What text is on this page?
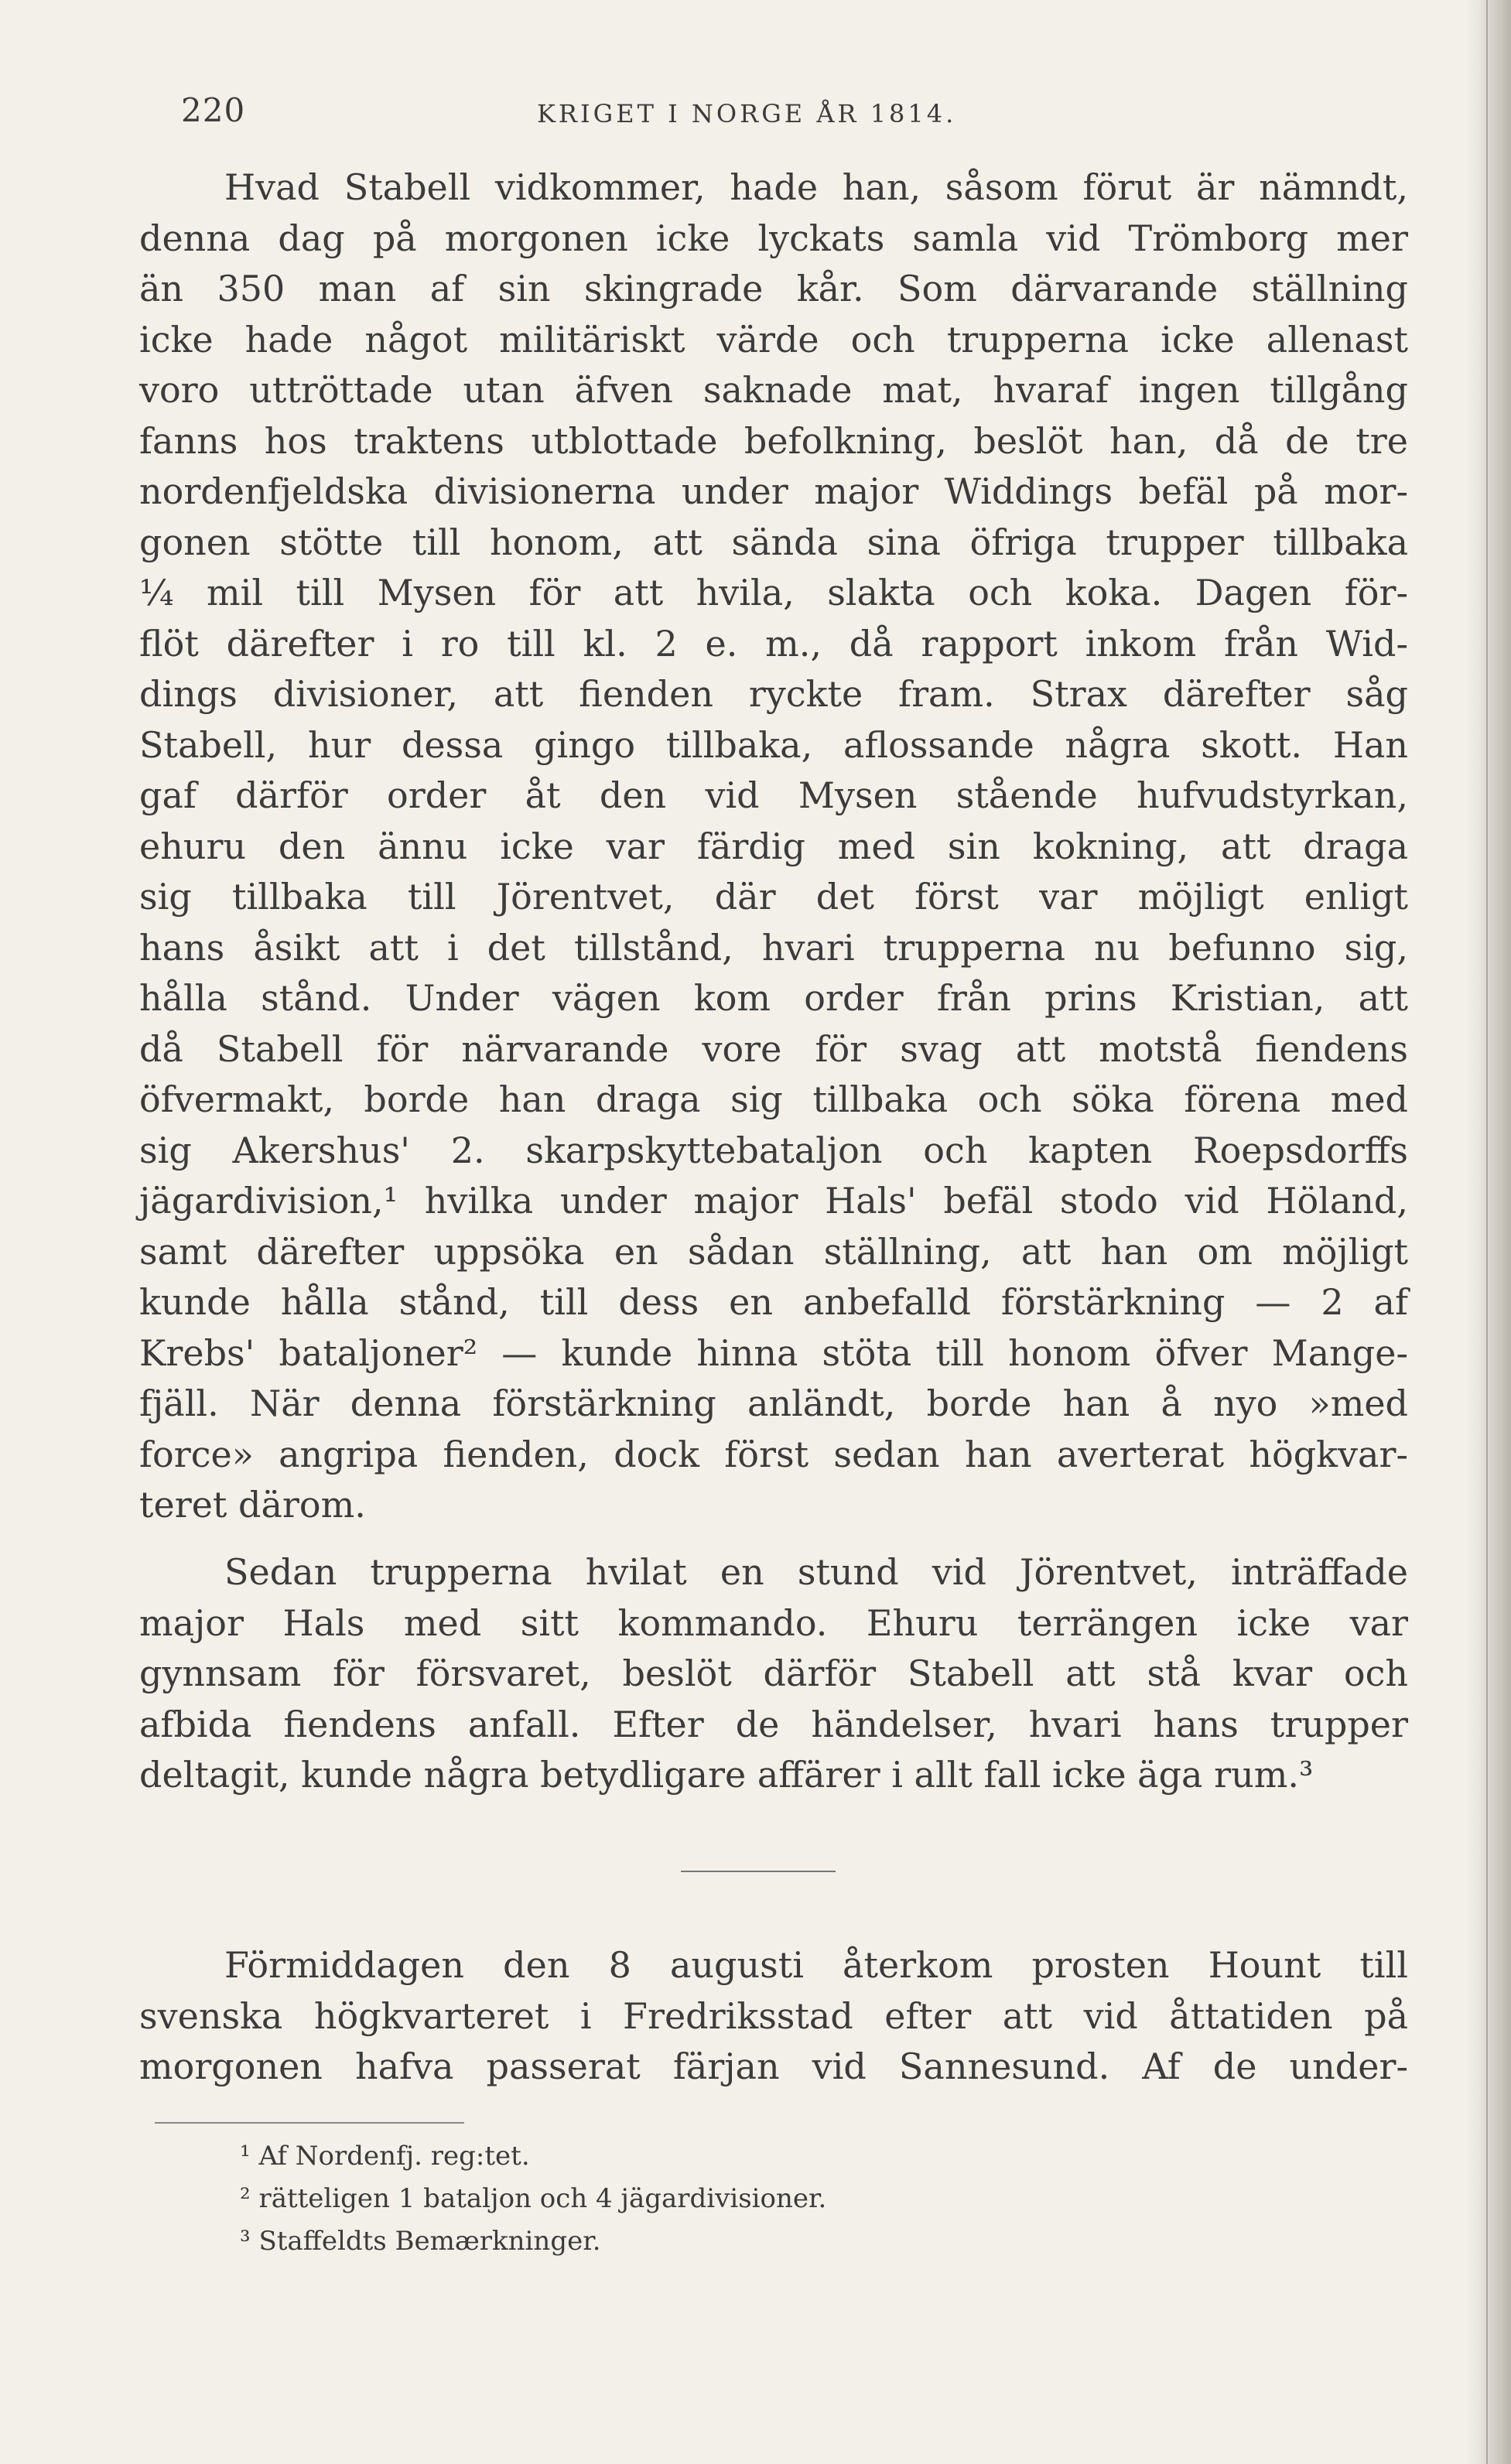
220	KRIGET I NORGE ÅR 1814.
Hvad Stabell vidkommer, hade han, såsom förut är nämndt,
denna dag på morgonen icke lyckats samla vid Trömborg mer
än 350 man af sin skingrade kår. Som därvarande ställning
icke hade något militäriskt värde och trupperna icke allenast
voro uttröttade utan äfven saknade mat, hvaraf ingen tillgång
fanns hos traktens utblottade befolkning, beslöt han, då de tre
nordenfjeldska divisionerna under major Widdings befäl på mor-
gonen stötte till honom, att sända sina öfriga trupper tillbaka
¼ mil till Mysen för att hvila, slakta och koka. Dagen för-
flöt därefter i ro till kl. 2 e. m., då rapport inkom från Wid-
dings divisioner, att fienden ryckte fram. Strax därefter såg
Stabell, hur dessa gingo tillbaka, aflossande några skott. Han
gaf därför order åt den vid Mysen stående hufvudstyrkan,
ehuru den ännu icke var färdig med sin kokning, att draga
sig tillbaka till Jörentvet, där det först var möjligt enligt
hans åsikt att i det tillstånd, hvari trupperna nu befunno sig,
hålla stånd. Under vägen kom order från prins Kristian, att
då Stabell för närvarande vore för svag att motstå fiendens
öfvermakt, borde han draga sig tillbaka och söka förena med
sig Akershus' 2. skarpskyttebataljon och kapten Roepsdorffs
jägardivision,¹ hvilka under major Hals' befäl stodo vid Höland,
samt därefter uppsöka en sådan ställning, att han om möjligt
kunde hålla stånd, till dess en anbefalld förstärkning — 2 af
Krebs' bataljoner² — kunde hinna stöta till honom öfver Mange-
fjäll. När denna förstärkning anländt, borde han å nyo »med
force» angripa fienden, dock först sedan han averterat högkvar-
teret därom.
Sedan trupperna hvilat en stund vid Jörentvet, inträffade
major Hals med sitt kommando. Ehuru terrängen icke var
gynnsam för försvaret, beslöt därför Stabell att stå kvar och
afbida fiendens anfall. Efter de händelser, hvari hans trupper
deltagit, kunde några betydligare affärer i allt fall icke äga rum.³
Förmiddagen den 8 augusti återkom prosten Hount till
svenska högkvarteret i Fredriksstad efter att vid åttatiden på
morgonen hafva passerat färjan vid Sannesund. Af de under-
¹ Af Nordenfj. reg:tet.
² rätteligen 1 bataljon och 4 jägardivisioner.
³ Staffeldts Bemærkninger.
